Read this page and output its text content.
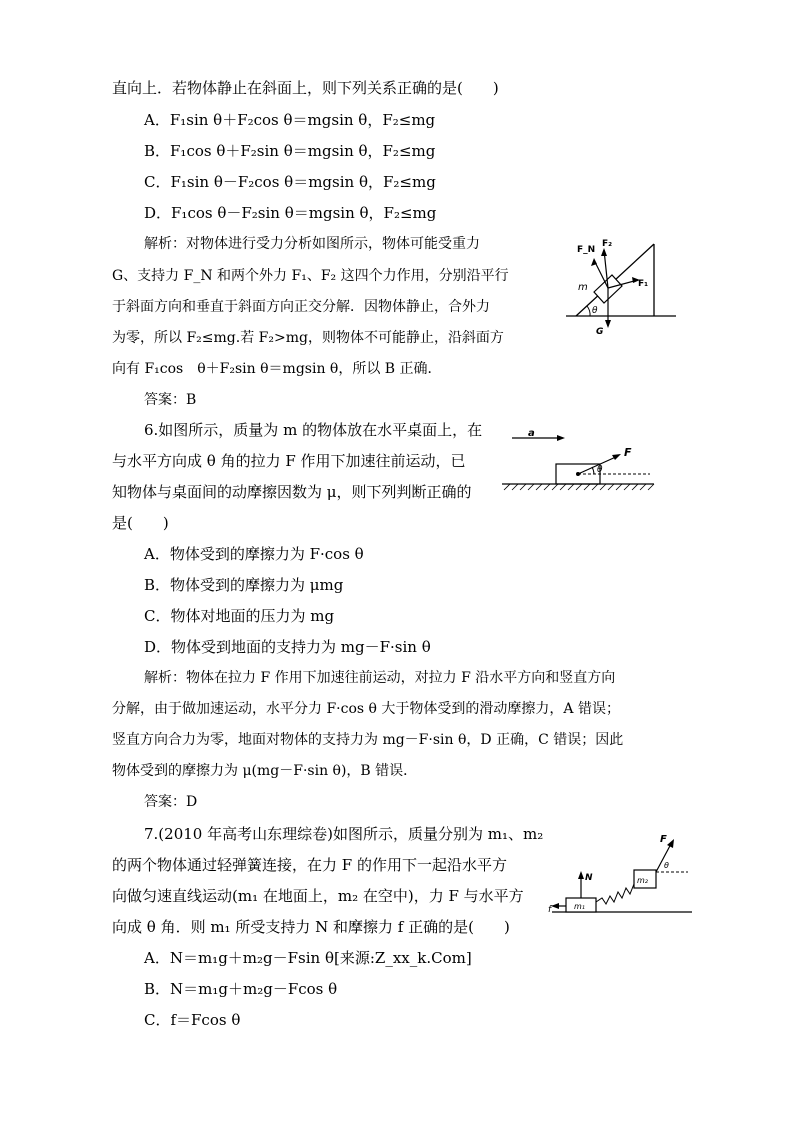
直向上．若物体静止在斜面上，则下列关系正确的是(　　)
A．F₁sin θ＋F₂cos θ＝mgsin θ，F₂≤mg
B．F₁cos θ＋F₂sin θ＝mgsin θ，F₂≤mg
C．F₁sin θ－F₂cos θ＝mgsin θ，F₂≤mg
D．F₁cos θ－F₂sin θ＝mgsin θ，F₂≤mg
解析：对物体进行受力分析如图所示，物体可能受重力
G、支持力 F_N 和两个外力 F₁、F₂ 这四个力作用，分别沿平行
于斜面方向和垂直于斜面方向正交分解．因物体静止，合外力
为零，所以 F₂≤mg.若 F₂>mg，则物体不可能静止，沿斜面方
向有 F₁cos　θ＋F₂sin θ＝mgsin θ，所以 B 正确．
答案：B
θ
m
F_N
F₂
F₁
G
6.如图所示，质量为 m 的物体放在水平桌面上，在
与水平方向成 θ 角的拉力 F 作用下加速往前运动，已
知物体与桌面间的动摩擦因数为 μ，则下列判断正确的
是(　　)
a
F
θ
A．物体受到的摩擦力为 F·cos θ
B．物体受到的摩擦力为 μmg
C．物体对地面的压力为 mg
D．物体受到地面的支持力为 mg－F·sin θ
解析：物体在拉力 F 作用下加速往前运动，对拉力 F 沿水平方向和竖直方向
分解，由于做加速运动，水平分力 F·cos θ 大于物体受到的滑动摩擦力，A 错误；
竖直方向合力为零，地面对物体的支持力为 mg－F·sin θ，D 正确，C 错误；因此
物体受到的摩擦力为 μ(mg－F·sin θ)，B 错误．
答案：D
7.(2010 年高考山东理综卷)如图所示，质量分别为 m₁、m₂
的两个物体通过轻弹簧连接，在力 F 的作用下一起沿水平方
向做匀速直线运动(m₁ 在地面上，m₂ 在空中)，力 F 与水平方
向成 θ 角．则 m₁ 所受支持力 N 和摩擦力 f 正确的是(　　)
m₁
N
f
m₂
F
θ
A．N＝m₁g＋m₂g－Fsin θ[来源:Z_xx_k.Com]
B．N＝m₁g＋m₂g－Fcos θ
C．f＝Fcos θ
